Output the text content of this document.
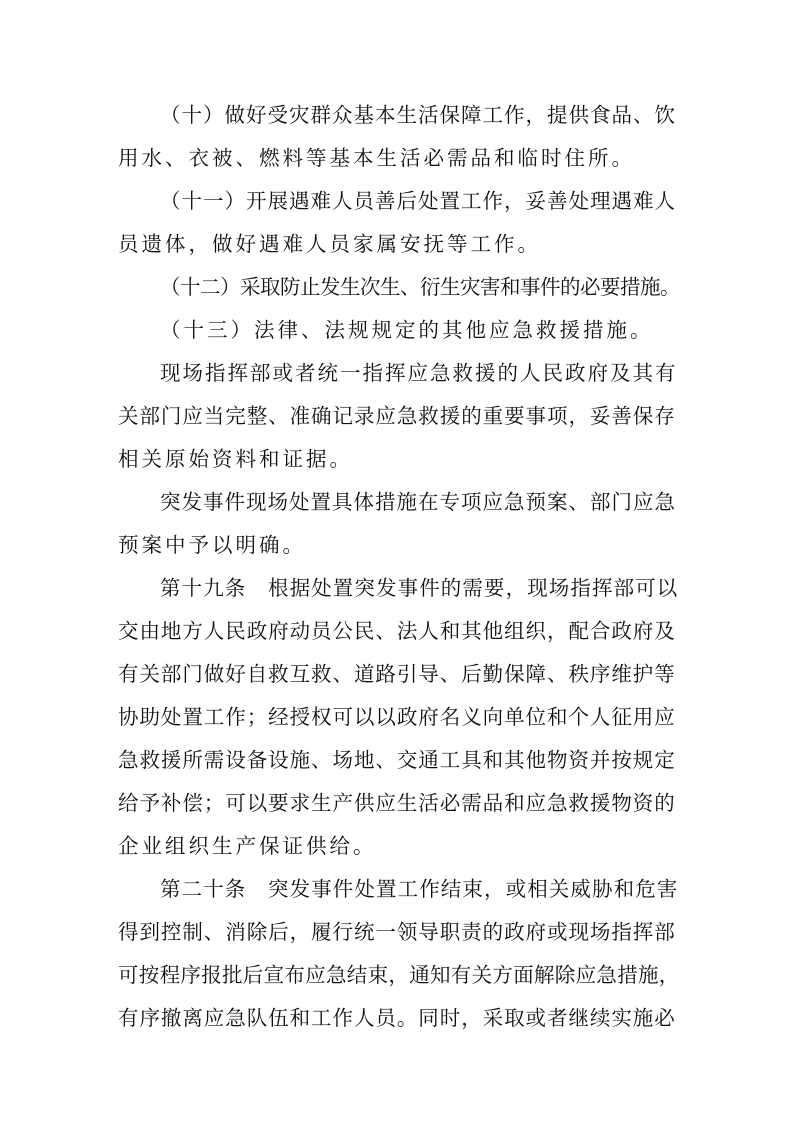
（十）做好受灾群众基本生活保障工作，提供食品、饮
用水、衣被、燃料等基本生活必需品和临时住所。
（十一）开展遇难人员善后处置工作，妥善处理遇难人
员遗体，做好遇难人员家属安抚等工作。
（十二）采取防止发生次生、衍生灾害和事件的必要措施。
（十三）法律、法规规定的其他应急救援措施。
现场指挥部或者统一指挥应急救援的人民政府及其有
关部门应当完整、准确记录应急救援的重要事项，妥善保存
相关原始资料和证据。
突发事件现场处置具体措施在专项应急预案、部门应急
预案中予以明确。
第十九条　根据处置突发事件的需要，现场指挥部可以
交由地方人民政府动员公民、法人和其他组织，配合政府及
有关部门做好自救互救、道路引导、后勤保障、秩序维护等
协助处置工作；经授权可以以政府名义向单位和个人征用应
急救援所需设备设施、场地、交通工具和其他物资并按规定
给予补偿；可以要求生产供应生活必需品和应急救援物资的
企业组织生产保证供给。
第二十条　突发事件处置工作结束，或相关威胁和危害
得到控制、消除后，履行统一领导职责的政府或现场指挥部
可按程序报批后宣布应急结束，通知有关方面解除应急措施，
有序撤离应急队伍和工作人员。同时，采取或者继续实施必
